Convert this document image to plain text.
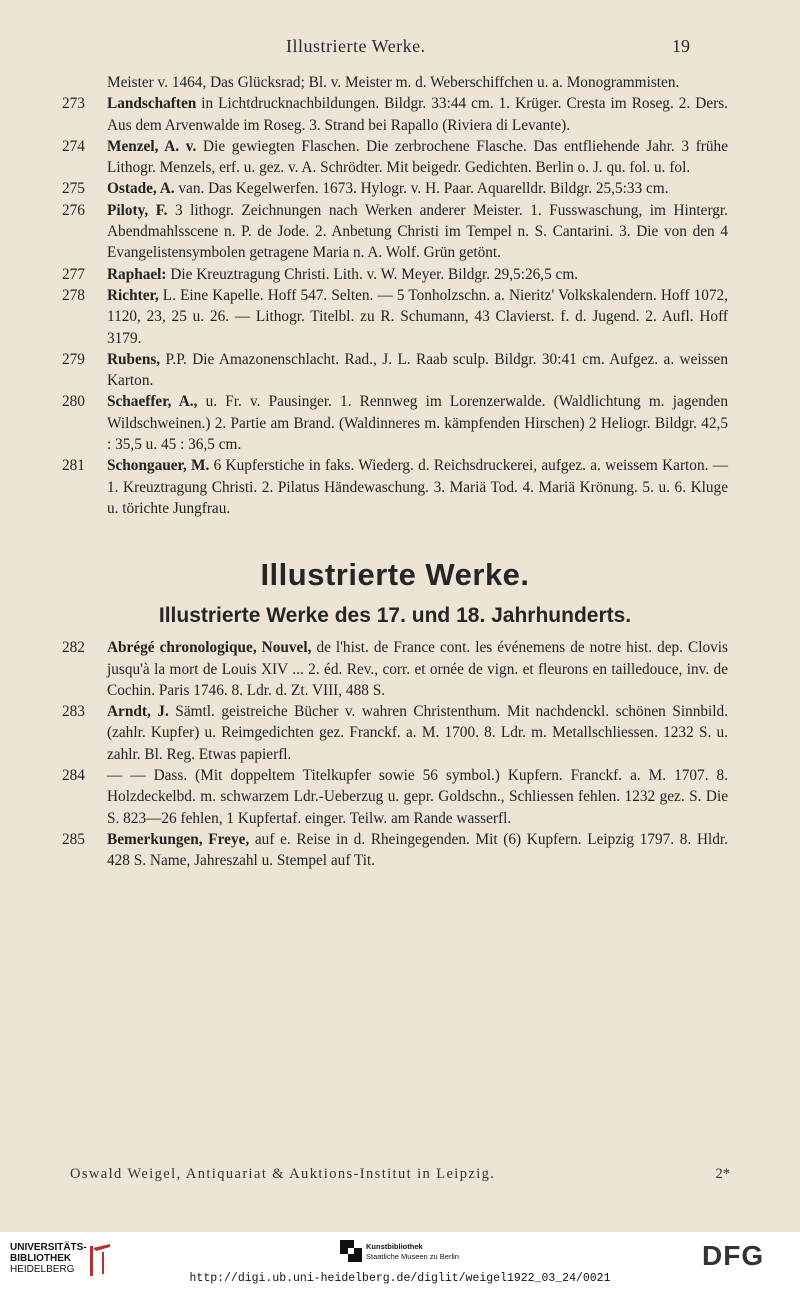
Illustrierte Werke.	19
Meister v. 1464, Das Glücksrad; Bl. v. Meister m. d. Weberschiffchen u. a. Monogrammisten.
273 Landschaften in Lichtdrucknachbildungen. Bildgr. 33:44 cm. 1. Krüger. Cresta im Roseg. 2. Ders. Aus dem Arvenwalde im Roseg. 3. Strand bei Rapallo (Riviera di Levante).
274 Menzel, A. v. Die gewiegten Flaschen. Die zerbrochene Flasche. Das entfliehende Jahr. 3 frühe Lithogr. Menzels, erf. u. gez. v. A. Schrödter. Mit beigedr. Gedichten. Berlin o. J. qu. fol. u. fol.
275 Ostade, A. van. Das Kegelwerfen. 1673. Hylogr. v. H. Paar. Aquarelldr. Bildgr. 25,5:33 cm.
276 Piloty, F. 3 lithogr. Zeichnungen nach Werken anderer Meister. 1. Fusswaschung, im Hintergr. Abendmahlsscene n. P. de Jode. 2. Anbetung Christi im Tempel n. S. Cantarini. 3. Die von den 4 Evangelistensymbolen getragene Maria n. A. Wolf. Grün getönt.
277 Raphael: Die Kreuztragung Christi. Lith. v. W. Meyer. Bildgr. 29,5:26,5 cm.
278 Richter, L. Eine Kapelle. Hoff 547. Selten. — 5 Tonholzschn. a. Nieritz' Volkskalendern. Hoff 1072, 1120, 23, 25 u. 26. — Lithogr. Titelbl. zu R. Schumann, 43 Clavierst. f. d. Jugend. 2. Aufl. Hoff 3179.
279 Rubens, P.P. Die Amazonenschlacht. Rad., J. L. Raab sculp. Bildgr. 30:41 cm. Aufgez. a. weissen Karton.
280 Schaeffer, A., u. Fr. v. Pausinger. 1. Rennweg im Lorenzerwalde. (Waldlichtung m. jagenden Wildschweinen.) 2. Partie am Brand. (Waldinneres m. kämpfenden Hirschen) 2 Heliogr. Bildgr. 42,5 : 35,5 u. 45 : 36,5 cm.
281 Schongauer, M. 6 Kupferstiche in faks. Wiederg. d. Reichsdruckerei, aufgez. a. weissem Karton. — 1. Kreuztragung Christi. 2. Pilatus Händewaschung. 3. Mariä Tod. 4. Mariä Krönung. 5. u. 6. Kluge u. törichte Jungfrau.
Illustrierte Werke.
Illustrierte Werke des 17. und 18. Jahrhunderts.
282 Abrégé chronologique, Nouvel, de l'hist. de France cont. les événemens de notre hist. dep. Clovis jusqu'à la mort de Louis XIV ... 2. éd. Rev., corr. et ornée de vign. et fleurons en tailledouce, inv. de Cochin. Paris 1746. 8. Ldr. d. Zt. VIII, 488 S.
283 Arndt, J. Sämtl. geistreiche Bücher v. wahren Christenthum. Mit nachdenckl. schönen Sinnbild. (zahlr. Kupfer) u. Reimgedichten gez. Franckf. a. M. 1700. 8. Ldr. m. Metallschliessen. 1232 S. u. zahlr. Bl. Reg. Etwas papierfl.
284 — — Dass. (Mit doppeltem Titelkupfer sowie 56 symbol.) Kupfern. Franckf. a. M. 1707. 8. Holzdeckelbd. m. schwarzem Ldr.-Ueberzug u. gepr. Goldschn., Schliessen fehlen. 1232 gez. S. Die S. 823—26 fehlen, 1 Kupfertaf. einger. Teilw. am Rande wasserfl.
285 Bemerkungen, Freye, auf e. Reise in d. Rheingegenden. Mit (6) Kupfern. Leipzig 1797. 8. Hldr. 428 S. Name, Jahreszahl u. Stempel auf Tit.
Oswald Weigel, Antiquariat & Auktions-Institut in Leipzig.	2*
UNIVERSITÄTS-
BIBLIOTHEK
HEIDELBERG
Kunstbibliothek
Staatliche Museen zu Berlin	DFG
http://digi.ub.uni-heidelberg.de/diglit/weigel1922_03_24/0021
